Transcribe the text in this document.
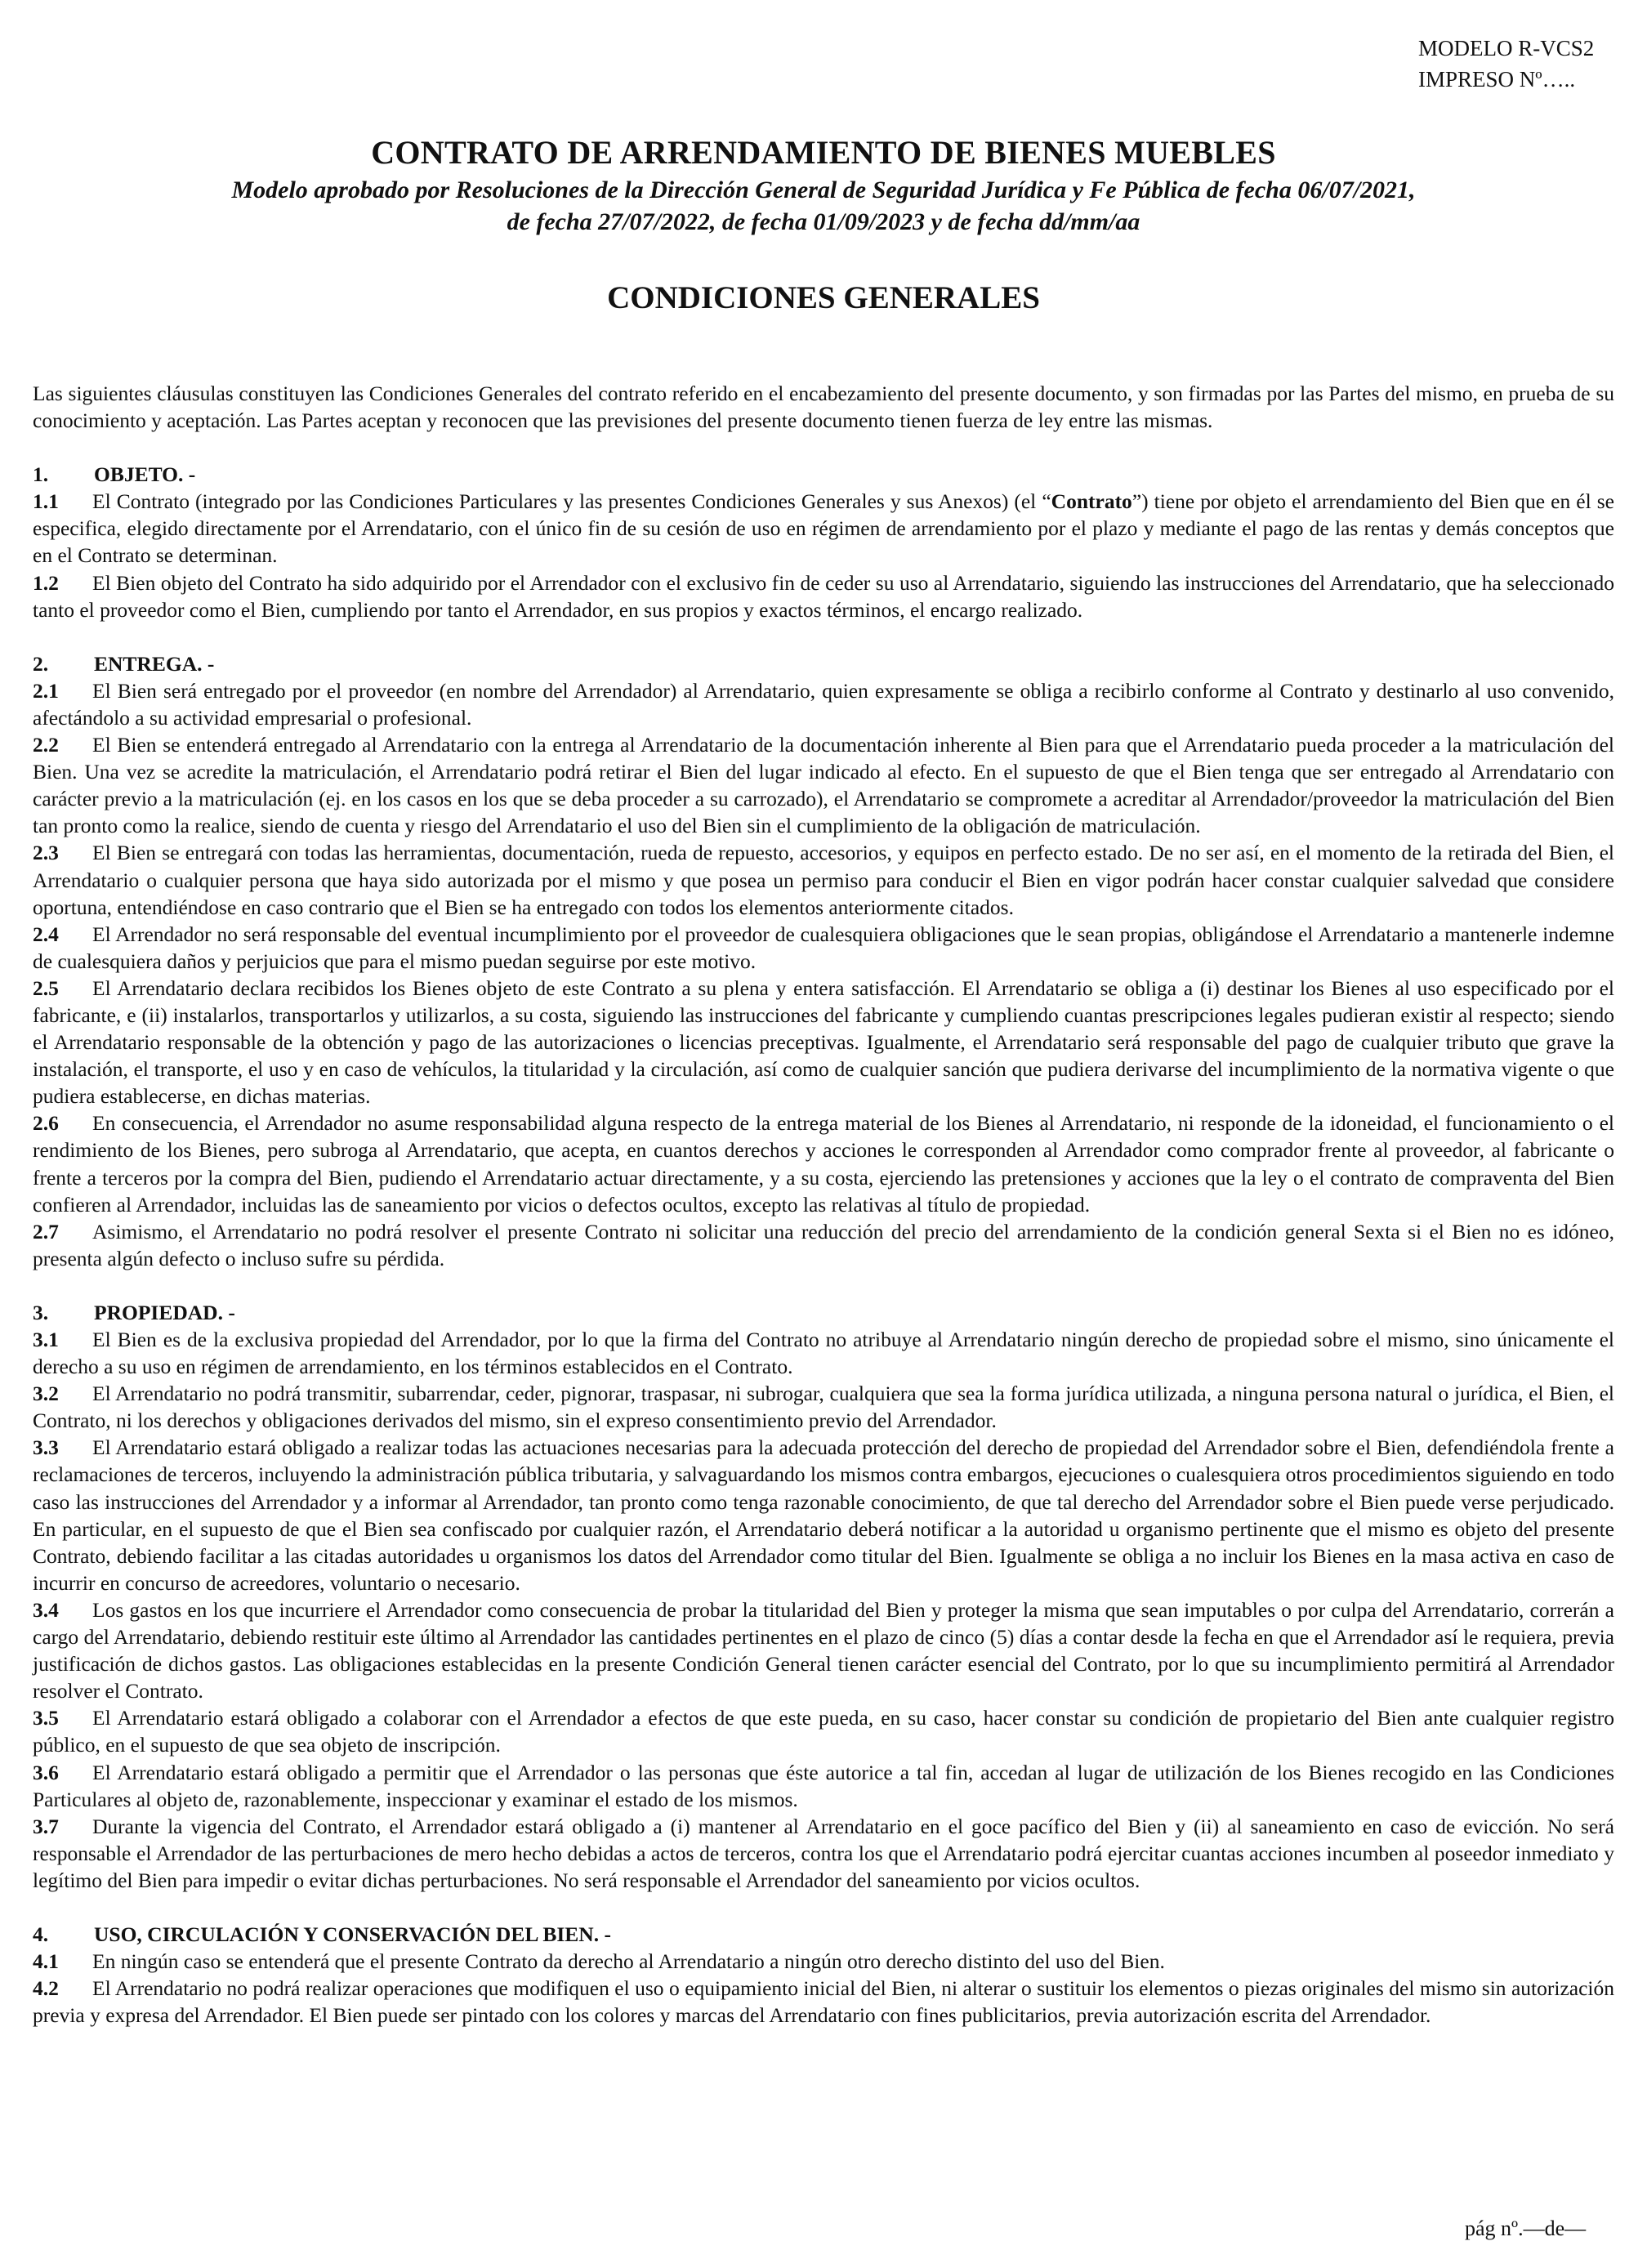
MODELO R-VCS2
IMPRESO Nº…..
CONTRATO DE ARRENDAMIENTO DE BIENES MUEBLES
Modelo aprobado por Resoluciones de la Dirección General de Seguridad Jurídica y Fe Pública de fecha 06/07/2021,
de fecha 27/07/2022, de fecha 01/09/2023 y de fecha dd/mm/aa
CONDICIONES GENERALES

Las siguientes cláusulas constituyen las Condiciones Generales del contrato referido en el encabezamiento del presente documento, y son firmadas por las Partes del mismo, en prueba de su conocimiento y aceptación. Las Partes aceptan y reconocen que las previsiones del presente documento tienen fuerza de ley entre las mismas.

1. OBJETO. -

1.1 El Contrato (integrado por las Condiciones Particulares y las presentes Condiciones Generales y sus Anexos) (el “Contrato”) tiene por objeto el arrendamiento del Bien que en él se especifica, elegido directamente por el Arrendatario, con el único fin de su cesión de uso en régimen de arrendamiento por el plazo y mediante el pago de las rentas y demás conceptos que en el Contrato se determinan.

1.2 El Bien objeto del Contrato ha sido adquirido por el Arrendador con el exclusivo fin de ceder su uso al Arrendatario, siguiendo las instrucciones del Arrendatario, que ha seleccionado tanto el proveedor como el Bien, cumpliendo por tanto el Arrendador, en sus propios y exactos términos, el encargo realizado.

2. ENTREGA. -

2.1 El Bien será entregado por el proveedor (en nombre del Arrendador) al Arrendatario, quien expresamente se obliga a recibirlo conforme al Contrato y destinarlo al uso convenido, afectándolo a su actividad empresarial o profesional.

2.2 El Bien se entenderá entregado al Arrendatario con la entrega al Arrendatario de la documentación inherente al Bien para que el Arrendatario pueda proceder a la matriculación del Bien. Una vez se acredite la matriculación, el Arrendatario podrá retirar el Bien del lugar indicado al efecto. En el supuesto de que el Bien tenga que ser entregado al Arrendatario con carácter previo a la matriculación (ej. en los casos en los que se deba proceder a su carrozado), el Arrendatario se compromete a acreditar al Arrendador/proveedor la matriculación del Bien tan pronto como la realice, siendo de cuenta y riesgo del Arrendatario el uso del Bien sin el cumplimiento de la obligación de matriculación.

2.3 El Bien se entregará con todas las herramientas, documentación, rueda de repuesto, accesorios, y equipos en perfecto estado. De no ser así, en el momento de la retirada del Bien, el Arrendatario o cualquier persona que haya sido autorizada por el mismo y que posea un permiso para conducir el Bien en vigor podrán hacer constar cualquier salvedad que considere oportuna, entendiéndose en caso contrario que el Bien se ha entregado con todos los elementos anteriormente citados.

2.4 El Arrendador no será responsable del eventual incumplimiento por el proveedor de cualesquiera obligaciones que le sean propias, obligándose el Arrendatario a mantenerle indemne de cualesquiera daños y perjuicios que para el mismo puedan seguirse por este motivo.

2.5 El Arrendatario declara recibidos los Bienes objeto de este Contrato a su plena y entera satisfacción. El Arrendatario se obliga a (i) destinar los Bienes al uso especificado por el fabricante, e (ii) instalarlos, transportarlos y utilizarlos, a su costa, siguiendo las instrucciones del fabricante y cumpliendo cuantas prescripciones legales pudieran existir al respecto; siendo el Arrendatario responsable de la obtención y pago de las autorizaciones o licencias preceptivas. Igualmente, el Arrendatario será responsable del pago de cualquier tributo que grave la instalación, el transporte, el uso y en caso de vehículos, la titularidad y la circulación, así como de cualquier sanción que pudiera derivarse del incumplimiento de la normativa vigente o que pudiera establecerse, en dichas materias.

2.6 En consecuencia, el Arrendador no asume responsabilidad alguna respecto de la entrega material de los Bienes al Arrendatario, ni responde de la idoneidad, el funcionamiento o el rendimiento de los Bienes, pero subroga al Arrendatario, que acepta, en cuantos derechos y acciones le corresponden al Arrendador como comprador frente al proveedor, al fabricante o frente a terceros por la compra del Bien, pudiendo el Arrendatario actuar directamente, y a su costa, ejerciendo las pretensiones y acciones que la ley o el contrato de compraventa del Bien confieren al Arrendador, incluidas las de saneamiento por vicios o defectos ocultos, excepto las relativas al título de propiedad.

2.7 Asimismo, el Arrendatario no podrá resolver el presente Contrato ni solicitar una reducción del precio del arrendamiento de la condición general Sexta si el Bien no es idóneo, presenta algún defecto o incluso sufre su pérdida.

3. PROPIEDAD. -

3.1 El Bien es de la exclusiva propiedad del Arrendador, por lo que la firma del Contrato no atribuye al Arrendatario ningún derecho de propiedad sobre el mismo, sino únicamente el derecho a su uso en régimen de arrendamiento, en los términos establecidos en el Contrato.

3.2 El Arrendatario no podrá transmitir, subarrendar, ceder, pignorar, traspasar, ni subrogar, cualquiera que sea la forma jurídica utilizada, a ninguna persona natural o jurídica, el Bien, el Contrato, ni los derechos y obligaciones derivados del mismo, sin el expreso consentimiento previo del Arrendador.

3.3 El Arrendatario estará obligado a realizar todas las actuaciones necesarias para la adecuada protección del derecho de propiedad del Arrendador sobre el Bien, defendiéndola frente a reclamaciones de terceros, incluyendo la administración pública tributaria, y salvaguardando los mismos contra embargos, ejecuciones o cualesquiera otros procedimientos siguiendo en todo caso las instrucciones del Arrendador y a informar al Arrendador, tan pronto como tenga razonable conocimiento, de que tal derecho del Arrendador sobre el Bien puede verse perjudicado. En particular, en el supuesto de que el Bien sea confiscado por cualquier razón, el Arrendatario deberá notificar a la autoridad u organismo pertinente que el mismo es objeto del presente Contrato, debiendo facilitar a las citadas autoridades u organismos los datos del Arrendador como titular del Bien. Igualmente se obliga a no incluir los Bienes en la masa activa en caso de incurrir en concurso de acreedores, voluntario o necesario.

3.4 Los gastos en los que incurriere el Arrendador como consecuencia de probar la titularidad del Bien y proteger la misma que sean imputables o por culpa del Arrendatario, correrán a cargo del Arrendatario, debiendo restituir este último al Arrendador las cantidades pertinentes en el plazo de cinco (5) días a contar desde la fecha en que el Arrendador así le requiera, previa justificación de dichos gastos. Las obligaciones establecidas en la presente Condición General tienen carácter esencial del Contrato, por lo que su incumplimiento permitirá al Arrendador resolver el Contrato.

3.5 El Arrendatario estará obligado a colaborar con el Arrendador a efectos de que este pueda, en su caso, hacer constar su condición de propietario del Bien ante cualquier registro público, en el supuesto de que sea objeto de inscripción.

3.6 El Arrendatario estará obligado a permitir que el Arrendador o las personas que éste autorice a tal fin, accedan al lugar de utilización de los Bienes recogido en las Condiciones Particulares al objeto de, razonablemente, inspeccionar y examinar el estado de los mismos.

3.7 Durante la vigencia del Contrato, el Arrendador estará obligado a (i) mantener al Arrendatario en el goce pacífico del Bien y (ii) al saneamiento en caso de evicción. No será responsable el Arrendador de las perturbaciones de mero hecho debidas a actos de terceros, contra los que el Arrendatario podrá ejercitar cuantas acciones incumben al poseedor inmediato y legítimo del Bien para impedir o evitar dichas perturbaciones. No será responsable el Arrendador del saneamiento por vicios ocultos.

4. USO, CIRCULACIÓN Y CONSERVACIÓN DEL BIEN. -

4.1 En ningún caso se entenderá que el presente Contrato da derecho al Arrendatario a ningún otro derecho distinto del uso del Bien.

4.2 El Arrendatario no podrá realizar operaciones que modifiquen el uso o equipamiento inicial del Bien, ni alterar o sustituir los elementos o piezas originales del mismo sin autorización previa y expresa del Arrendador. El Bien puede ser pintado con los colores y marcas del Arrendatario con fines publicitarios, previa autorización escrita del Arrendador.

pág nº.—de—
